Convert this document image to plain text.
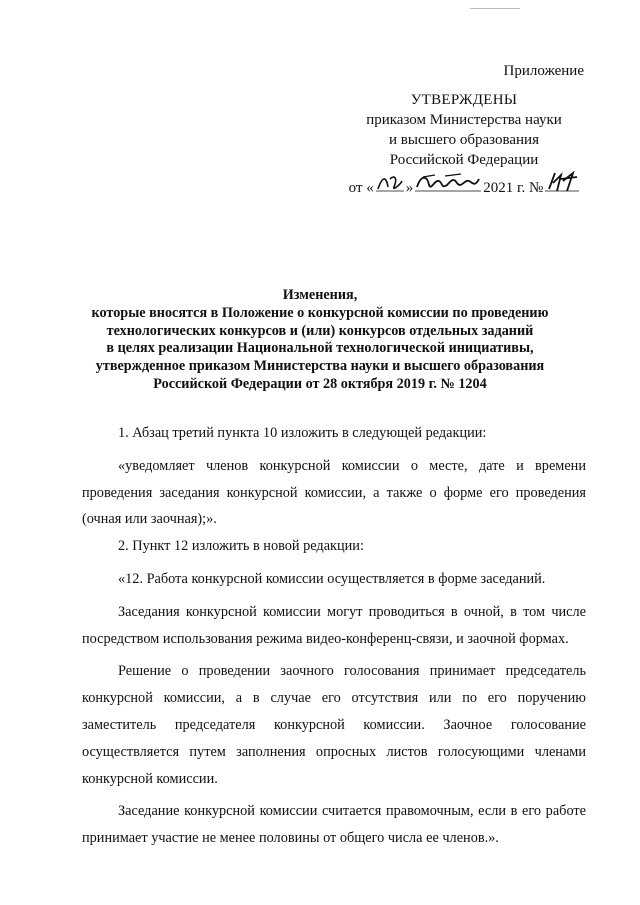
Приложение
УТВЕРЖДЕНЫ
приказом Министерства науки
и высшего образования
Российской Федерации
от « »	2021 г. №
Изменения,
которые вносятся в Положение о конкурсной комиссии по проведению
технологических конкурсов и (или) конкурсов отдельных заданий
в целях реализации Национальной технологической инициативы,
утвержденное приказом Министерства науки и высшего образования
Российской Федерации от 28 октября 2019 г. № 1204

1. Абзац третий пункта 10 изложить в следующей редакции:

«уведомляет членов конкурсной комиссии о месте, дате и времени проведения заседания конкурсной комиссии, а также о форме его проведения (очная или заочная);».

2. Пункт 12 изложить в новой редакции:

«12. Работа конкурсной комиссии осуществляется в форме заседаний.

Заседания конкурсной комиссии могут проводиться в очной, в том числе посредством использования режима видео-конференц-связи, и заочной формах.

Решение о проведении заочного голосования принимает председатель конкурсной комиссии, а в случае его отсутствия или по его поручению заместитель председателя конкурсной комиссии. Заочное голосование осуществляется путем заполнения опросных листов голосующими членами конкурсной комиссии.

Заседание конкурсной комиссии считается правомочным, если в его работе принимает участие не менее половины от общего числа ее членов.».
